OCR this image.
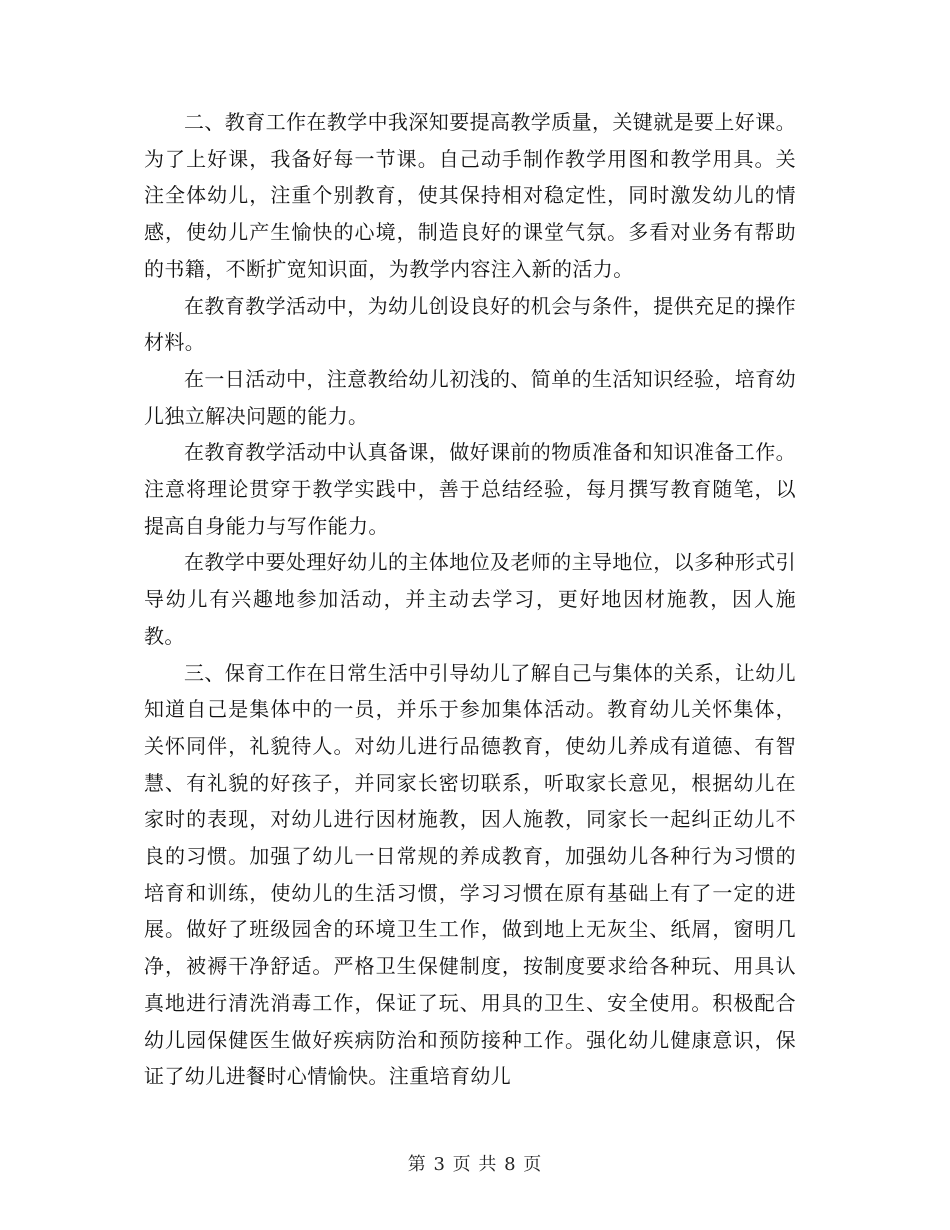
二、教育工作在教学中我深知要提高教学质量，关键就是要上好课。为了上好课，我备好每一节课。自己动手制作教学用图和教学用具。关注全体幼儿，注重个别教育，使其保持相对稳定性，同时激发幼儿的情感，使幼儿产生愉快的心境，制造良好的课堂气氛。多看对业务有帮助的书籍，不断扩宽知识面，为教学内容注入新的活力。

在教育教学活动中，为幼儿创设良好的机会与条件，提供充足的操作材料。

在一日活动中，注意教给幼儿初浅的、简单的生活知识经验，培育幼儿独立解决问题的能力。

在教育教学活动中认真备课，做好课前的物质准备和知识准备工作。注意将理论贯穿于教学实践中，善于总结经验，每月撰写教育随笔，以提高自身能力与写作能力。

在教学中要处理好幼儿的主体地位及老师的主导地位，以多种形式引导幼儿有兴趣地参加活动，并主动去学习，更好地因材施教，因人施教。

三、保育工作在日常生活中引导幼儿了解自己与集体的关系，让幼儿知道自己是集体中的一员，并乐于参加集体活动。教育幼儿关怀集体，关怀同伴，礼貌待人。对幼儿进行品德教育，使幼儿养成有道德、有智慧、有礼貌的好孩子，并同家长密切联系，听取家长意见，根据幼儿在家时的表现，对幼儿进行因材施教，因人施教，同家长一起纠正幼儿不良的习惯。加强了幼儿一日常规的养成教育，加强幼儿各种行为习惯的培育和训练，使幼儿的生活习惯，学习习惯在原有基础上有了一定的进展。做好了班级园舍的环境卫生工作，做到地上无灰尘、纸屑，窗明几净，被褥干净舒适。严格卫生保健制度，按制度要求给各种玩、用具认真地进行清洗消毒工作，保证了玩、用具的卫生、安全使用。积极配合幼儿园保健医生做好疾病防治和预防接种工作。强化幼儿健康意识，保证了幼儿进餐时心情愉快。注重培育幼儿

第 3 页 共 8 页
